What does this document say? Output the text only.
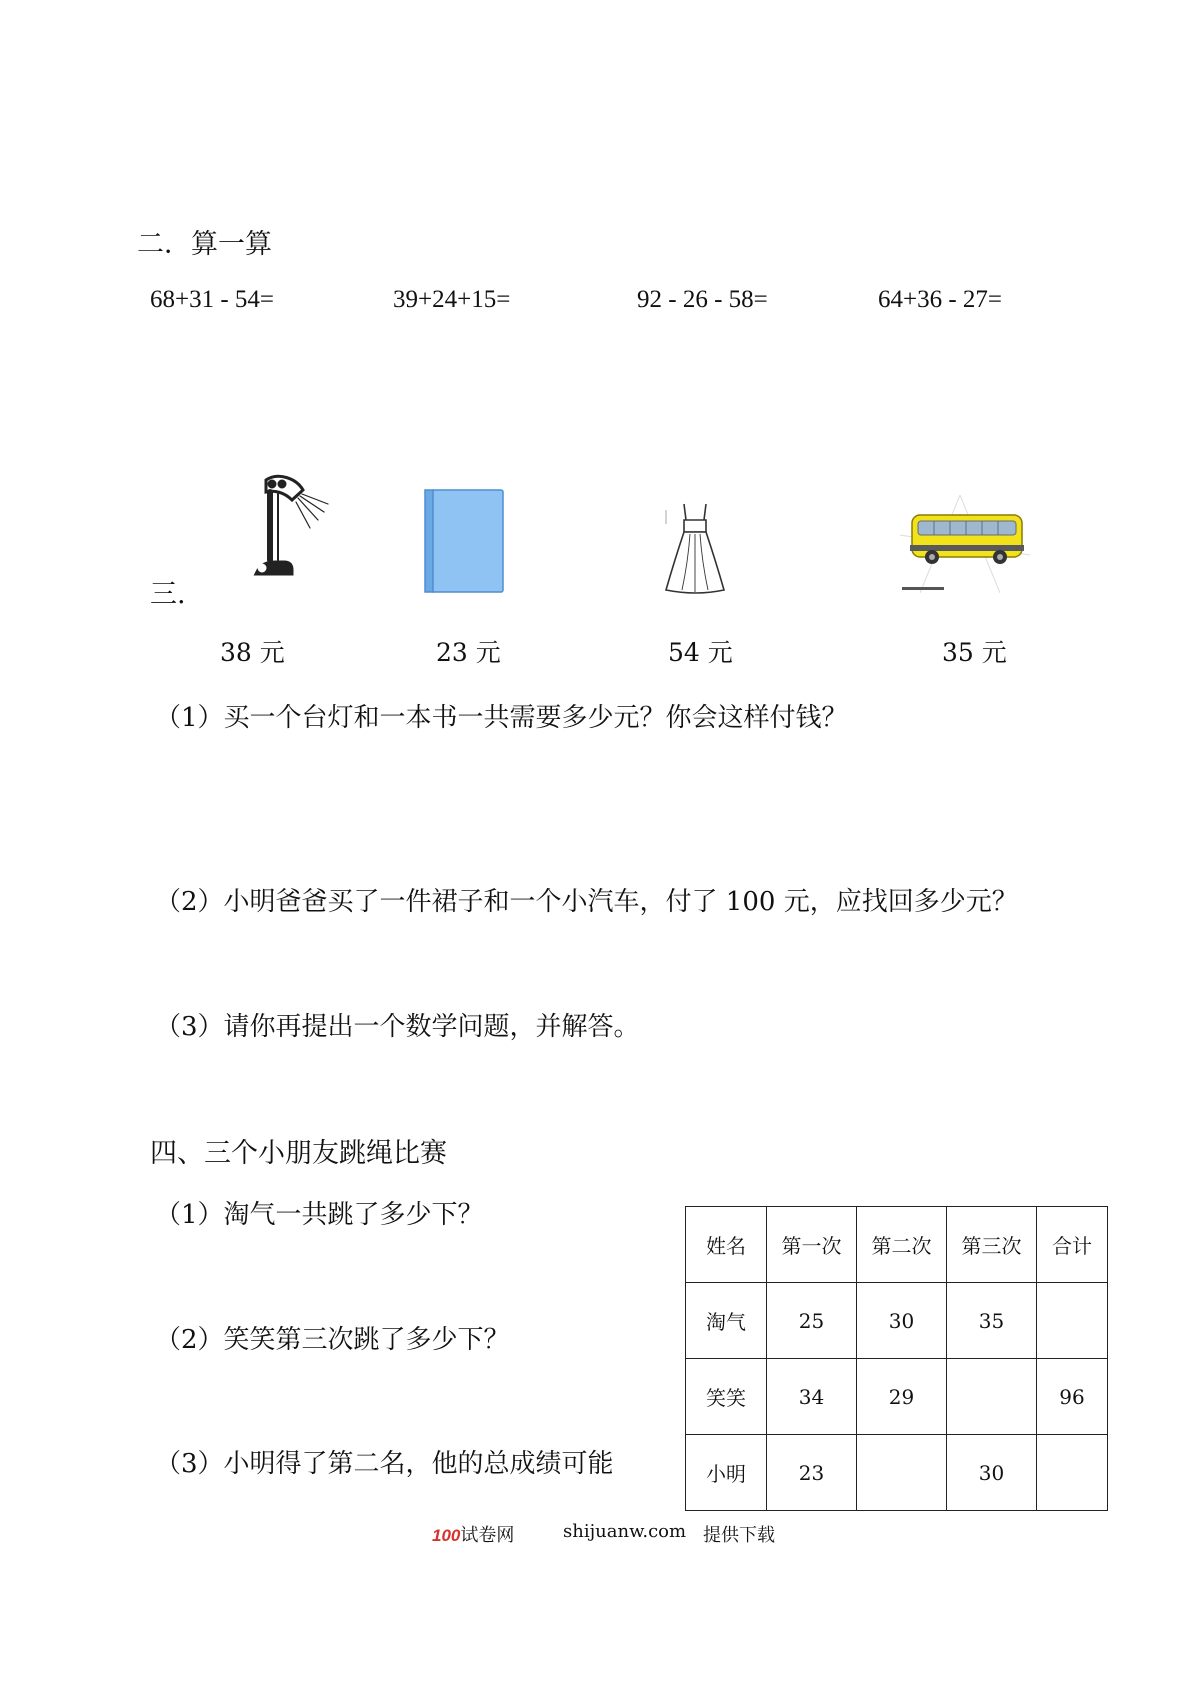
二．算一算
68+31 - 54=	39+24+15=	92 - 26 - 58=	64+36 - 27=
三.
38 元	23 元	54 元	35 元
（1）买一个台灯和一本书一共需要多少元？你会这样付钱？
（2）小明爸爸买了一件裙子和一个小汽车，付了 100 元，应找回多少元？
（3）请你再提出一个数学问题，并解答。
四、三个小朋友跳绳比赛
（1）淘气一共跳了多少下？
（2）笑笑第三次跳了多少下？
（3）小明得了第二名，他的总成绩可能
姓名	第一次	第二次	第三次	合计
淘气	25	30	35	
笑笑	34	29		96
小明	23		30	
100试卷网	shijuanw.com 提供下载
